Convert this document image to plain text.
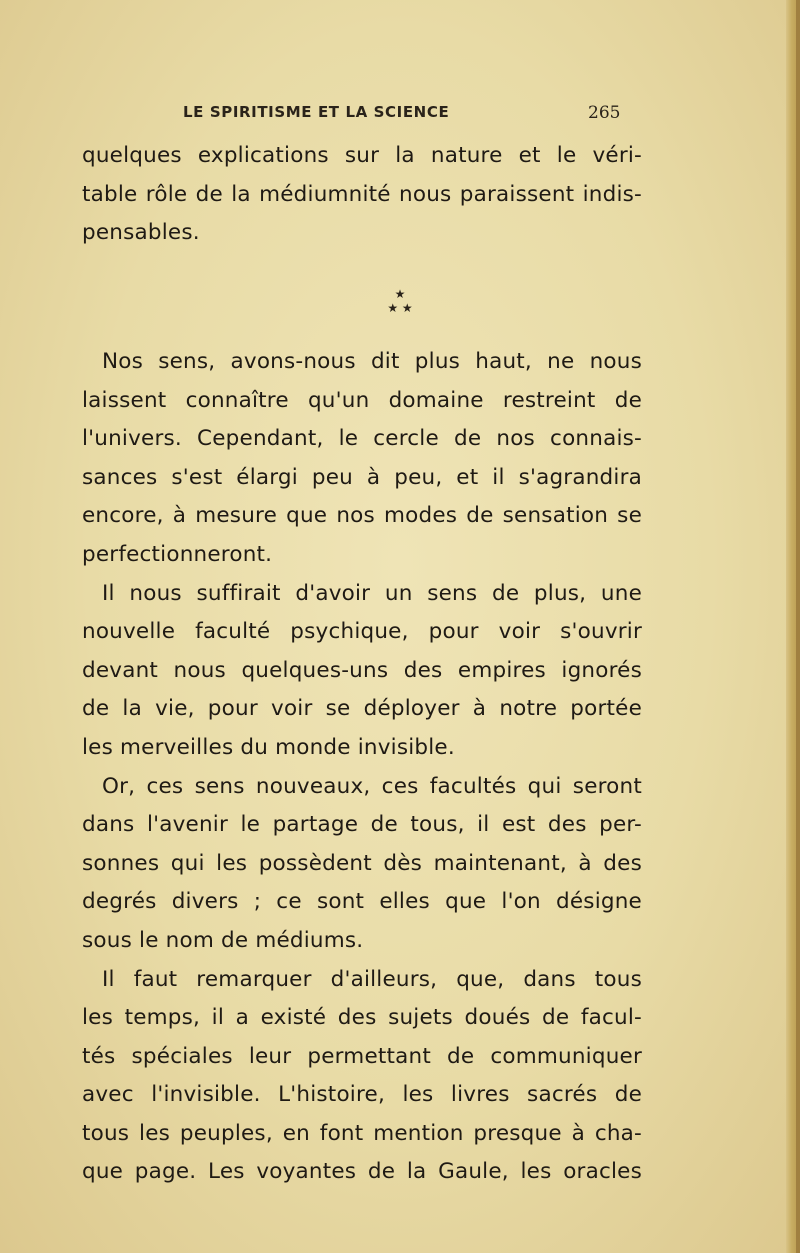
LE SPIRITISME ET LA SCIENCE	265
quelques explications sur la nature et le véri-
table rôle de la médiumnité nous paraissent indis-
pensables.
★
★ ★
Nos sens, avons-nous dit plus haut, ne nous
laissent connaître qu'un domaine restreint de
l'univers. Cependant, le cercle de nos connais-
sances s'est élargi peu à peu, et il s'agrandira
encore, à mesure que nos modes de sensation se
perfectionneront.
Il nous suffirait d'avoir un sens de plus, une
nouvelle faculté psychique, pour voir s'ouvrir
devant nous quelques-uns des empires ignorés
de la vie, pour voir se déployer à notre portée
les merveilles du monde invisible.
Or, ces sens nouveaux, ces facultés qui seront
dans l'avenir le partage de tous, il est des per-
sonnes qui les possèdent dès maintenant, à des
degrés divers ; ce sont elles que l'on désigne
sous le nom de médiums.
Il faut remarquer d'ailleurs, que, dans tous
les temps, il a existé des sujets doués de facul-
tés spéciales leur permettant de communiquer
avec l'invisible. L'histoire, les livres sacrés de
tous les peuples, en font mention presque à cha-
que page. Les voyantes de la Gaule, les oracles
